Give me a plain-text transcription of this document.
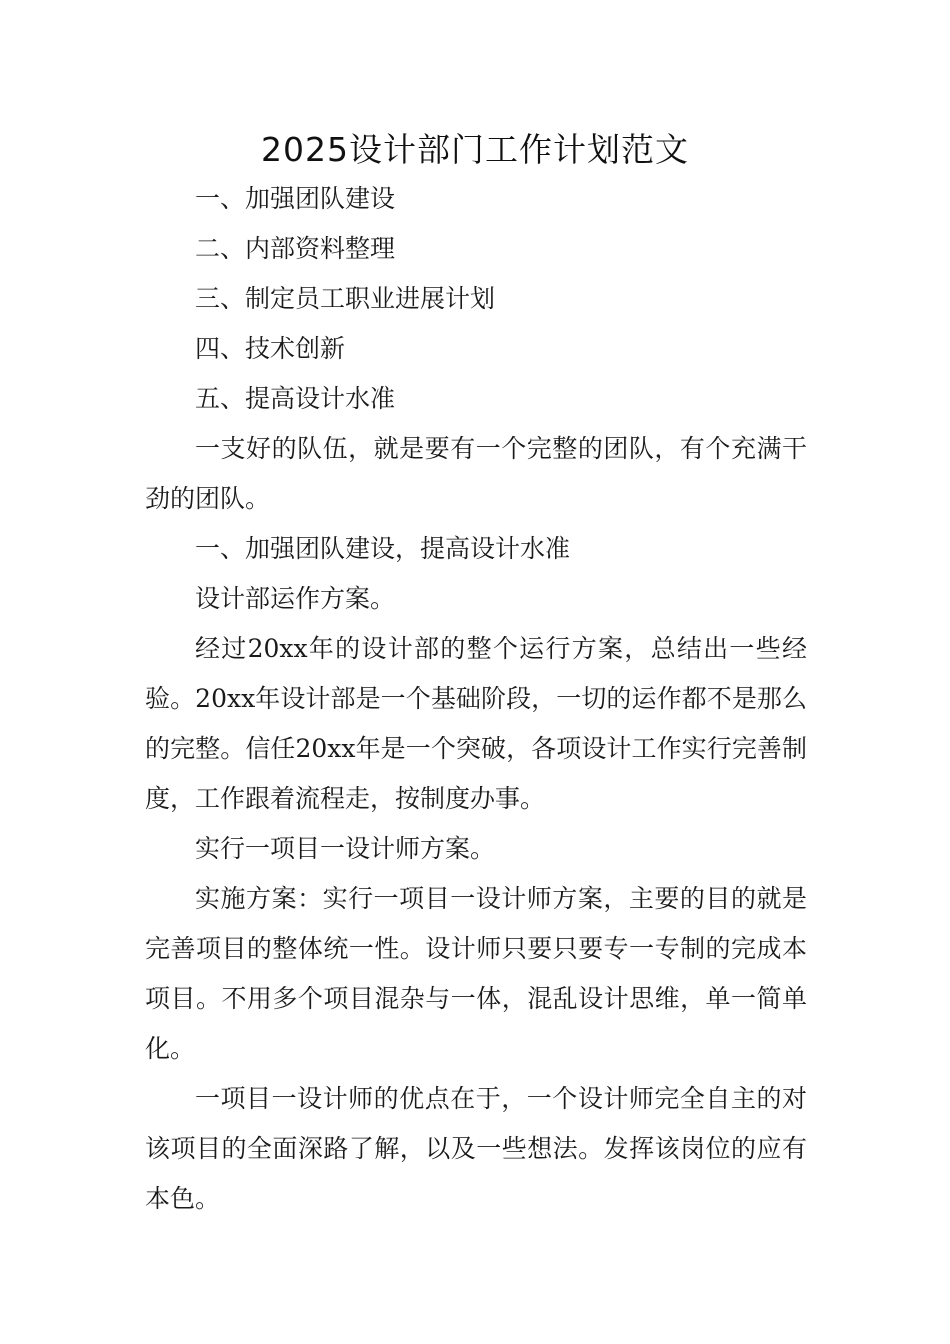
2025设计部门工作计划范文

一、加强团队建设

二、内部资料整理

三、制定员工职业进展计划

四、技术创新

五、提高设计水准

一支好的队伍，就是要有一个完整的团队，有个充满干劲的团队。

一、加强团队建设，提高设计水准

设计部运作方案。

经过20xx年的设计部的整个运行方案，总结出一些经验。20xx年设计部是一个基础阶段，一切的运作都不是那么的完整。信任20xx年是一个突破，各项设计工作实行完善制度，工作跟着流程走，按制度办事。

实行一项目一设计师方案。

实施方案：实行一项目一设计师方案，主要的目的就是完善项目的整体统一性。设计师只要只要专一专制的完成本项目。不用多个项目混杂与一体，混乱设计思维，单一简单化。

一项目一设计师的优点在于，一个设计师完全自主的对该项目的全面深路了解，以及一些想法。发挥该岗位的应有本色。
